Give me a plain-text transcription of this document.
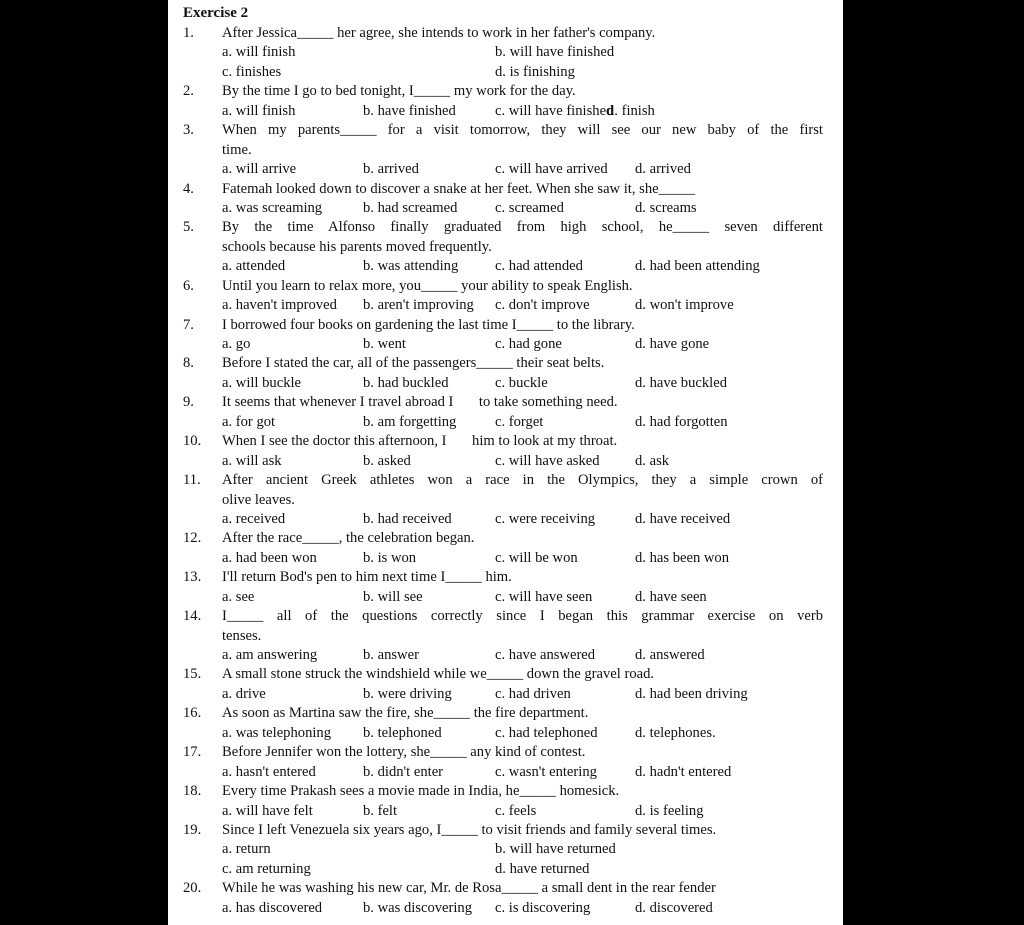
Exercise 2
1. After Jessica_____ her agree, she intends to work in her father's company.
a. will finish	b. will have finished
c. finishes	d. is finishing
2. By the time I go to bed tonight, I_____ my work for the day.
a. will finish	b. have finished	c. will have finished
d. finish
3. When my parents_____ for a visit tomorrow, they will see our new baby of the first
time.
a. will arrive	b. arrived	c. will have arrived d. arrived
4. Fatemah looked down to discover a snake at her feet. When she saw it, she_____
a. was screaming	b. had screamed	c. screamed	d. screams
5. By the time Alfonso finally graduated from high school, he_____ seven different
schools because his parents moved frequently.
a. attended	b. was attending	c. had attended	d. had been attending
6. Until you learn to relax more, you_____ your ability to speak English.
a. haven't improved b. aren't improving c. don't improve	d. won't improve
7. I borrowed four books on gardening the last time I_____ to the library.
a. go	b. went	c. had gone	d. have gone
8. Before I stated the car, all of the passengers_____ their seat belts.
a. will buckle	b. had buckled	c. buckle	d. have buckled
9. It seems that whenever I travel abroad I       to take something need.
a. for got	b. am forgetting	c. forget	d. had forgotten
10. When I see the doctor this afternoon, I       him to look at my throat.
a. will ask	b. asked	c. will have asked d. ask
11. After ancient Greek athletes won a race in the Olympics, they a simple crown of
olive leaves.
a. received	b. had received	c. were receiving	d. have received
12. After the race_____, the celebration began.
a. had been won	b. is won	c. will be won	d. has been won
13. I'll return Bod's pen to him next time I_____ him.
a. see	b. will see	c. will have seen	d. have seen
14. I_____ all of the questions correctly since I began this grammar exercise on verb
tenses.
a. am answering	b. answer	c. have answered	d. answered
15. A small stone struck the windshield while we_____ down the gravel road.
a. drive	b. were driving	c. had driven	d. had been driving
16. As soon as Martina saw the fire, she_____ the fire department.
a. was telephoning b. telephoned	c. had telephoned	d. telephones.
17. Before Jennifer won the lottery, she_____ any kind of contest.
a. hasn't entered	b. didn't enter	c. wasn't entering	d. hadn't entered
18. Every time Prakash sees a movie made in India, he_____ homesick.
a. will have felt	b. felt	c. feels	d. is feeling
19. Since I left Venezuela six years ago, I_____ to visit friends and family several times.
a. return	b. will have returned
c. am returning	d. have returned
20. While he was washing his new car, Mr. de Rosa_____ a small dent in the rear fender
a. has discovered	b. was discovering c. is discovering	d. discovered
